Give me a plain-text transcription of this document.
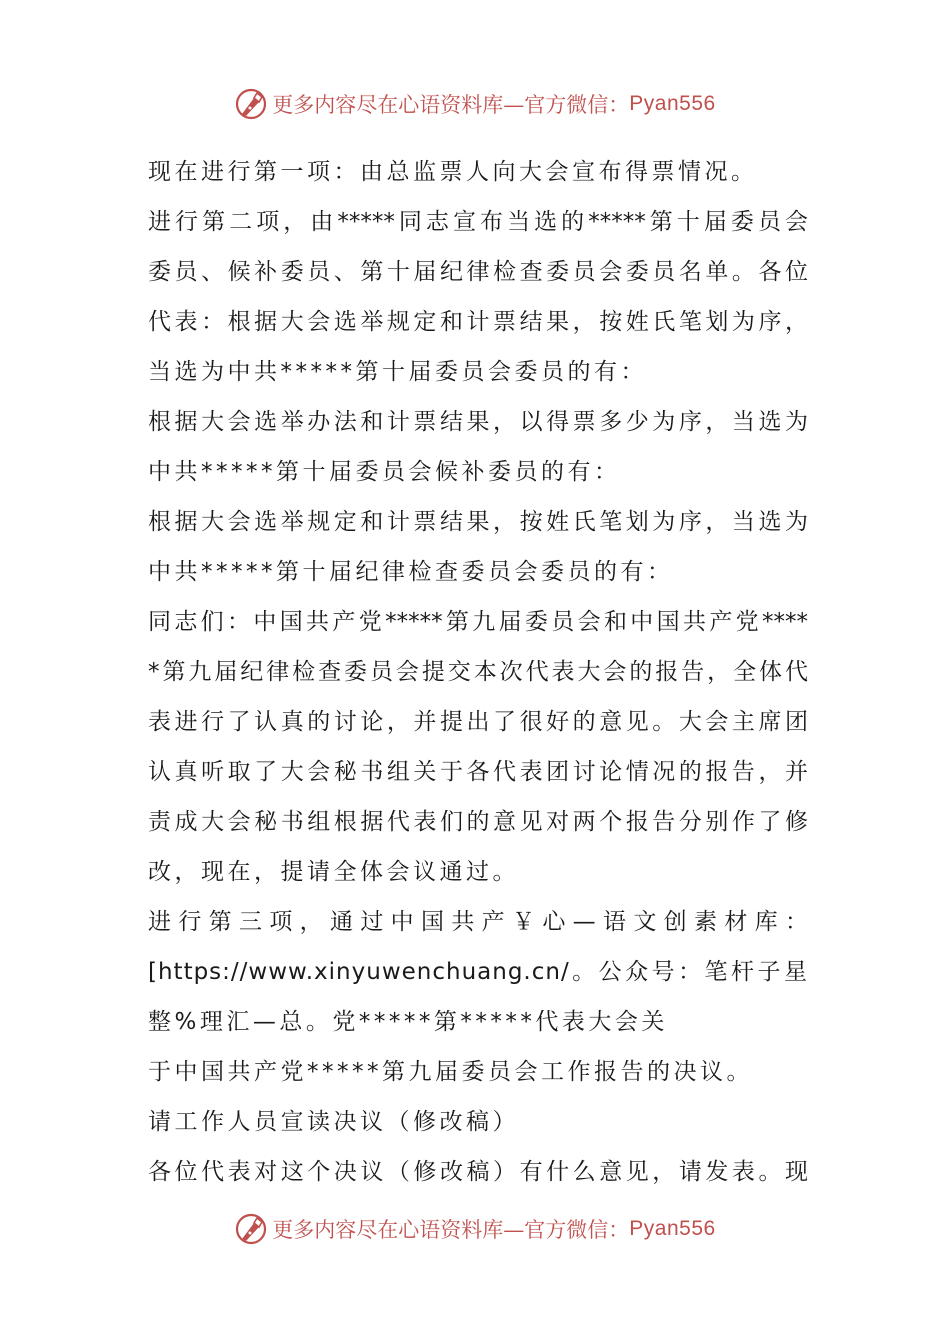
更多内容尽在心语资料库—官方微信： Pyan556
现在进行第一项：由总监票人向大会宣布得票情况。
进行第二项，由*****同志宣布当选的*****第十届委员会
委员、候补委员、第十届纪律检查委员会委员名单。各位
代表：根据大会选举规定和计票结果，按姓氏笔划为序，
当选为中共*****第十届委员会委员的有：
根据大会选举办法和计票结果，以得票多少为序，当选为
中共*****第十届委员会候补委员的有：
根据大会选举规定和计票结果，按姓氏笔划为序，当选为
中共*****第十届纪律检查委员会委员的有：
同志们：中国共产党*****第九届委员会和中国共产党****
*第九届纪律检查委员会提交本次代表大会的报告，全体代
表进行了认真的讨论，并提出了很好的意见。大会主席团
认真听取了大会秘书组关于各代表团讨论情况的报告，并
责成大会秘书组根据代表们的意见对两个报告分别作了修
改，现在，提请全体会议通过。
进行第三项，通过中国共产￥心—语文创素材库：
[https://www.xinyuwenchuang.cn/。公众号：笔杆子星
整%理汇—总。党*****第*****代表大会关
于中国共产党*****第九届委员会工作报告的决议。
请工作人员宣读决议（修改稿）
各位代表对这个决议（修改稿）有什么意见，请发表。现
更多内容尽在心语资料库—官方微信： Pyan556
